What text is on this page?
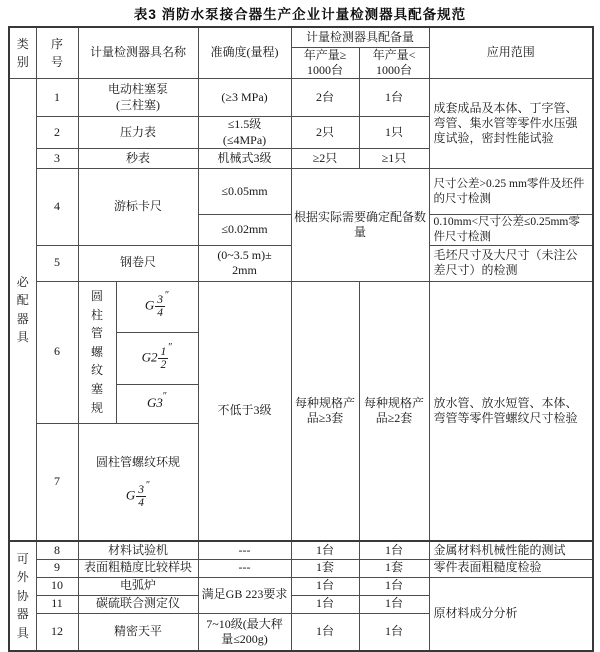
表3 消防水泵接合器生产企业计量检测器具配备规范
类别	序号	计量检测器具名称		准确度(量程)	计量检测器具配备量		应用范围

					年产量≥
1000台	年产量<
1000台	

必配器具	1	电动柱塞泵
(三柱塞)		(≥3 MPa)	2台	1台	成套成品及本体、丁字管、弯管、集水管等零件水压强度试验，密封性能试验
	2	压力表		≤1.5级
(≤4MPa)	2只	1只	
	3	秒表		机械式3级	≥2只	≥1只	
	4	游标卡尺		≤0.05mm	根据实际需要确定配备数量		尺寸公差>0.25 mm零件及坯件的尺寸检测
				≤0.02mm			0.10mm<尺寸公差≤0.25mm零件尺寸检测
	5	钢卷尺		(0~3.5 m)±
2mm			毛坯尺寸及大尺寸（未注公差尺寸）的检测
	6	圆柱管螺纹塞规	G $\frac{3}{4} ''$	不低于3级	每种规格产品≥3套	每种规格产品≥2套	放水管、放水短管、本体、弯管等零件管螺纹尺寸检验
			$G2 \frac{1}{2} ''$
			G3″
	7	圆柱管螺纹环规
G $\frac{3}{4} ''$

可外协器具	8	材料试验机		---	1台	1台	金属材料机械性能的测试
	9	表面粗糙度比较样块		---	1套	1套	零件表面粗糙度检验
	10	电弧炉		满足GB 223要求	1台	1台	原材料成分分析
	11	碳硫联合测定仪			1台	1台	
	12	精密天平		7~10级(最大秤量≤200g)	1台	1台	
